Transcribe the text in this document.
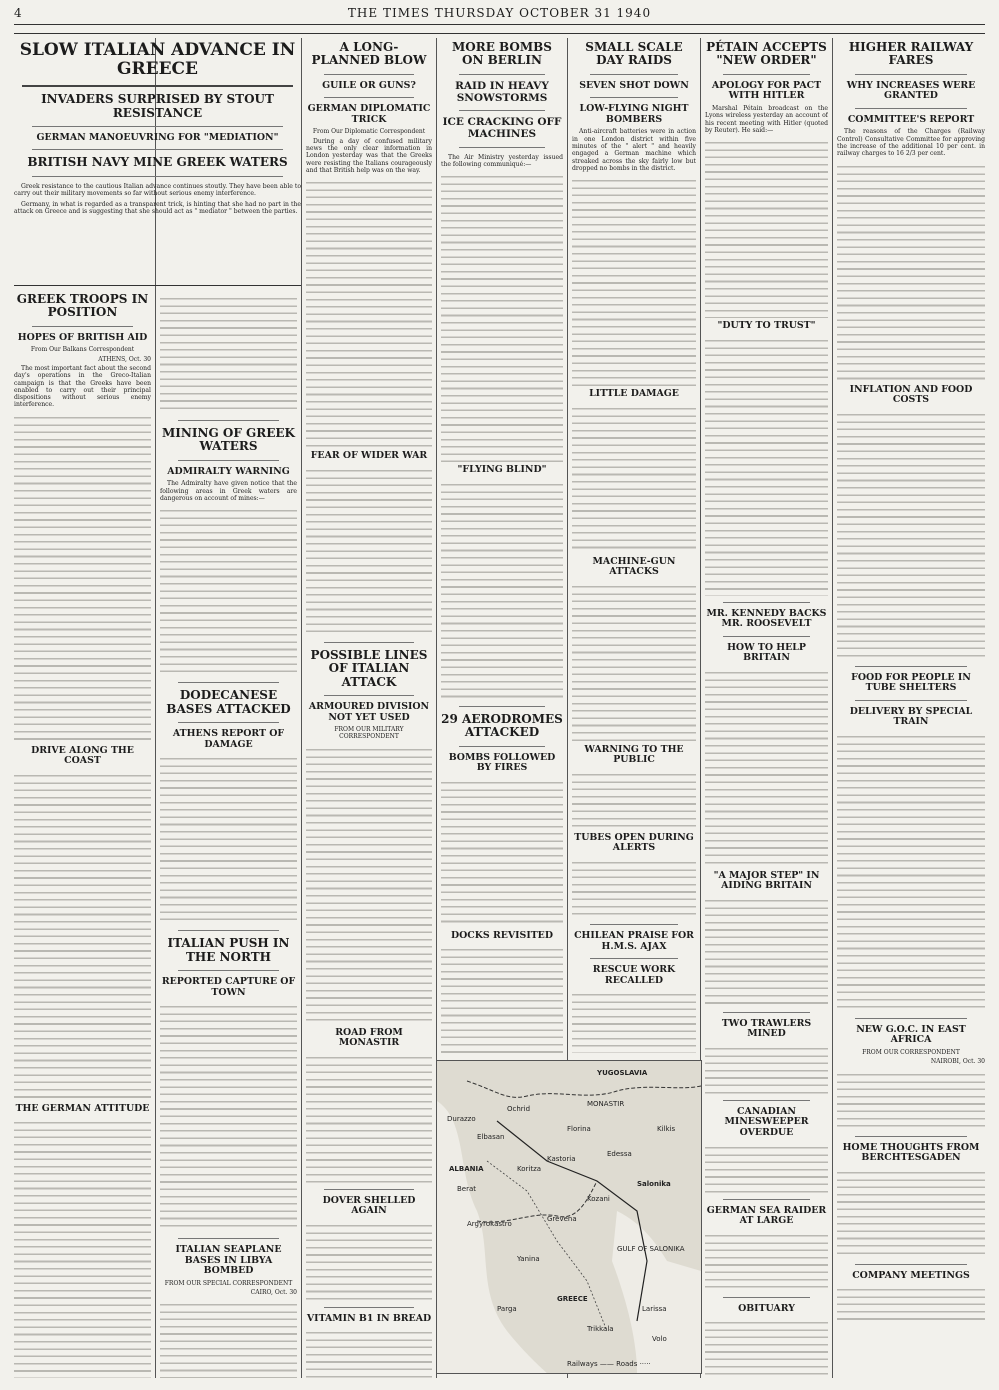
4	THE TIMES THURSDAY OCTOBER 31 1940
SLOW ITALIAN ADVANCE IN GREECE
INVADERS SURPRISED BY STOUT RESISTANCE
GERMAN MANOEUVRING FOR "MEDIATION"
BRITISH NAVY MINE GREEK WATERS

Greek resistance to the cautious Italian advance continues stoutly. They have been able to carry out their military movements so far without serious enemy interference.

Germany, in what is regarded as a transparent trick, is hinting that she had no part in the attack on Greece and is suggesting that she should act as " mediator " between the parties.

GREEK TROOPS IN POSITION
HOPES OF BRITISH AID
From Our Balkans Correspondent
ATHENS, Oct. 30

The most important fact about the second day's operations in the Greco-Italian campaign is that the Greeks have been enabled to carry out their principal dispositions without serious enemy interference.

DRIVE ALONG THE COAST
THE GERMAN ATTITUDE
MINING OF GREEK WATERS
ADMIRALTY WARNING

The Admiralty have given notice that the following areas in Greek waters are dangerous on account of mines:—

DODECANESE BASES ATTACKED
ATHENS REPORT OF DAMAGE
ITALIAN PUSH IN THE NORTH
REPORTED CAPTURE OF TOWN
ITALIAN SEAPLANE BASES IN LIBYA BOMBED
FROM OUR SPECIAL CORRESPONDENT
CAIRO, Oct. 30
A LONG-PLANNED BLOW
GUILE OR GUNS?
GERMAN DIPLOMATIC TRICK
From Our Diplomatic Correspondent

During a day of confused military news the only clear information in London yesterday was that the Greeks were resisting the Italians courageously and that British help was on the way.

FEAR OF WIDER WAR
POSSIBLE LINES OF ITALIAN ATTACK
ARMOURED DIVISION NOT YET USED
FROM OUR MILITARY CORRESPONDENT
ROAD FROM MONASTIR
DOVER SHELLED AGAIN
VITAMIN B1 IN BREAD
MORE BOMBS ON BERLIN
RAID IN HEAVY SNOWSTORMS
ICE CRACKING OFF MACHINES

The Air Ministry yesterday issued the following communiqué:—

"FLYING BLIND"
29 AERODROMES ATTACKED
BOMBS FOLLOWED BY FIRES
DOCKS REVISITED
SMALL SCALE DAY RAIDS
SEVEN SHOT DOWN
LOW-FLYING NIGHT BOMBERS

Anti-aircraft batteries were in action in one London district within five minutes of the " alert " and heavily engaged a German machine which streaked across the sky fairly low but dropped no bombs in the district.

LITTLE DAMAGE
MACHINE-GUN ATTACKS
WARNING TO THE PUBLIC
TUBES OPEN DURING ALERTS
CHILEAN PRAISE FOR H.M.S. AJAX
RESCUE WORK RECALLED
PÉTAIN ACCEPTS "NEW ORDER"
APOLOGY FOR PACT WITH HITLER

Marshal Pétain broadcast on the Lyons wireless yesterday an account of his recent meeting with Hitler (quoted by Reuter). He said:—

"DUTY TO TRUST"
MR. KENNEDY BACKS MR. ROOSEVELT
HOW TO HELP BRITAIN
"A MAJOR STEP" IN AIDING BRITAIN
TWO TRAWLERS MINED
CANADIAN MINESWEEPER OVERDUE
GERMAN SEA RAIDER AT LARGE
OBITUARY
HIGHER RAILWAY FARES
WHY INCREASES WERE GRANTED
COMMITTEE'S REPORT

The reasons of the Charges (Railway Control) Consultative Committee for approving the increase of the additional 10 per cent. in railway charges to 16 2/3 per cent.

INFLATION AND FOOD COSTS
FOOD FOR PEOPLE IN TUBE SHELTERS
DELIVERY BY SPECIAL TRAIN
NEW G.O.C. IN EAST AFRICA
FROM OUR CORRESPONDENT
NAIROBI, Oct. 30
HOME THOUGHTS FROM BERCHTESGADEN
COMPANY MEETINGS
YUGOSLAVIA
ALBANIA
GREECE
GULF OF SALONIKA
MONASTIR
Ochrid
Durazzo
Elbasan
Berat
Koritza
Kastoria
Florina
Argyrokastro
Yanina
Parga
Salonika
Larissa
Volo
Trikkala
Kozani
Grevena
Edessa
Kilkis
Railways —— Roads ·····
